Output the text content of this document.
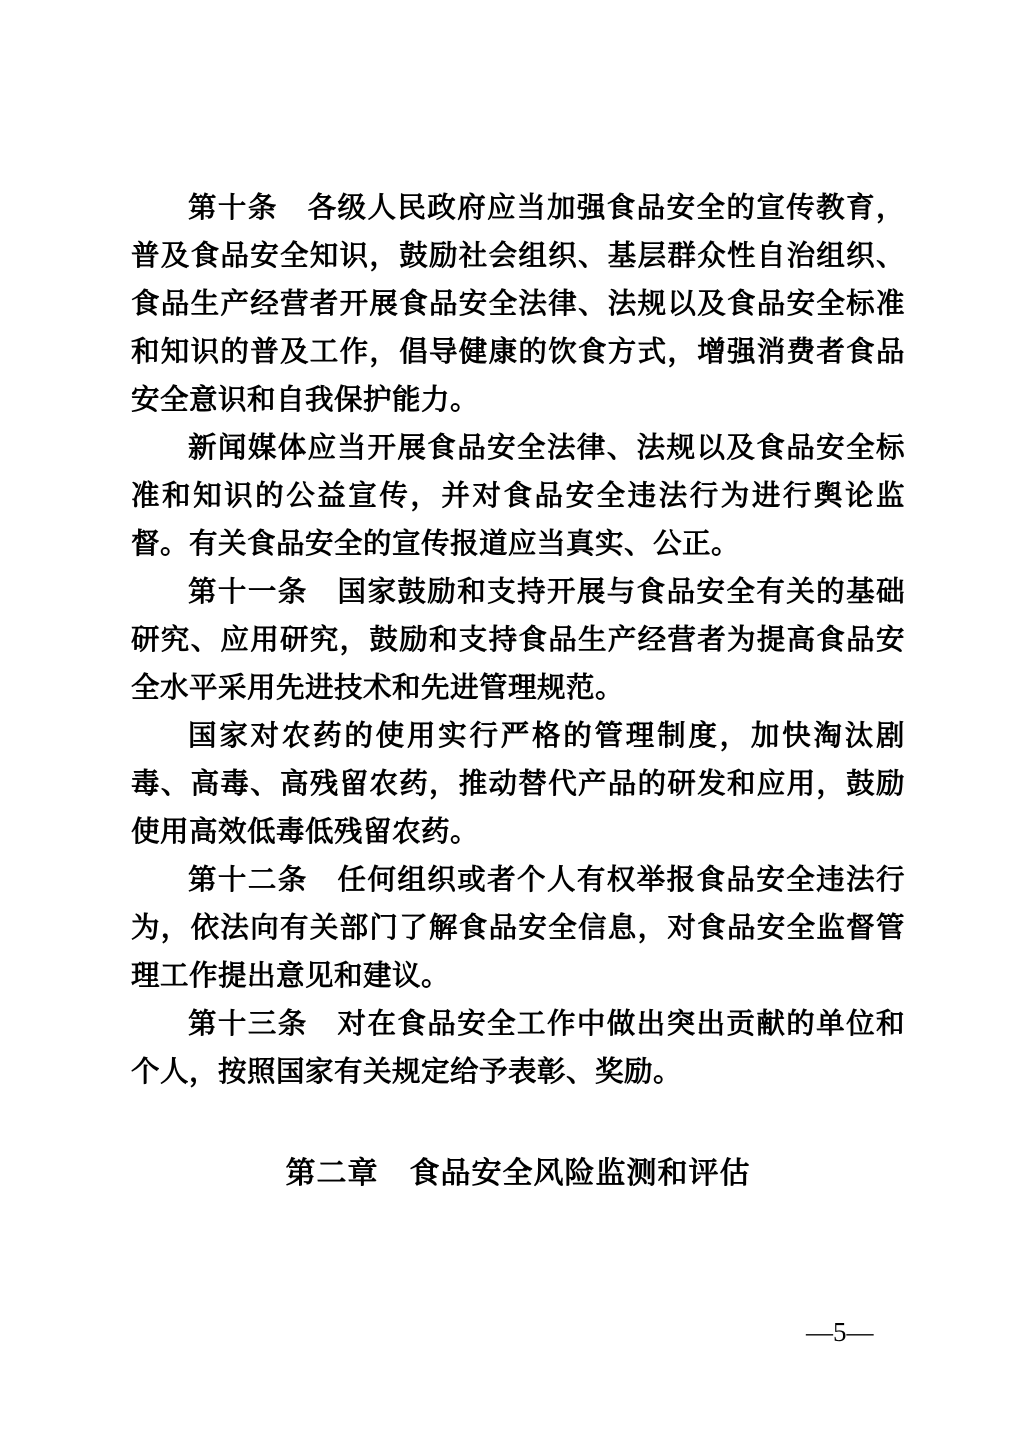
第十条　各级人民政府应当加强食品安全的宣传教育，普及食品安全知识，鼓励社会组织、基层群众性自治组织、食品生产经营者开展食品安全法律、法规以及食品安全标准和知识的普及工作，倡导健康的饮食方式，增强消费者食品安全意识和自我保护能力。

新闻媒体应当开展食品安全法律、法规以及食品安全标准和知识的公益宣传，并对食品安全违法行为进行舆论监督。有关食品安全的宣传报道应当真实、公正。

第十一条　国家鼓励和支持开展与食品安全有关的基础研究、应用研究，鼓励和支持食品生产经营者为提高食品安全水平采用先进技术和先进管理规范。

国家对农药的使用实行严格的管理制度，加快淘汰剧毒、高毒、高残留农药，推动替代产品的研发和应用，鼓励使用高效低毒低残留农药。

第十二条　任何组织或者个人有权举报食品安全违法行为，依法向有关部门了解食品安全信息，对食品安全监督管理工作提出意见和建议。

第十三条　对在食品安全工作中做出突出贡献的单位和个人，按照国家有关规定给予表彰、奖励。

第二章　食品安全风险监测和评估
—5—
